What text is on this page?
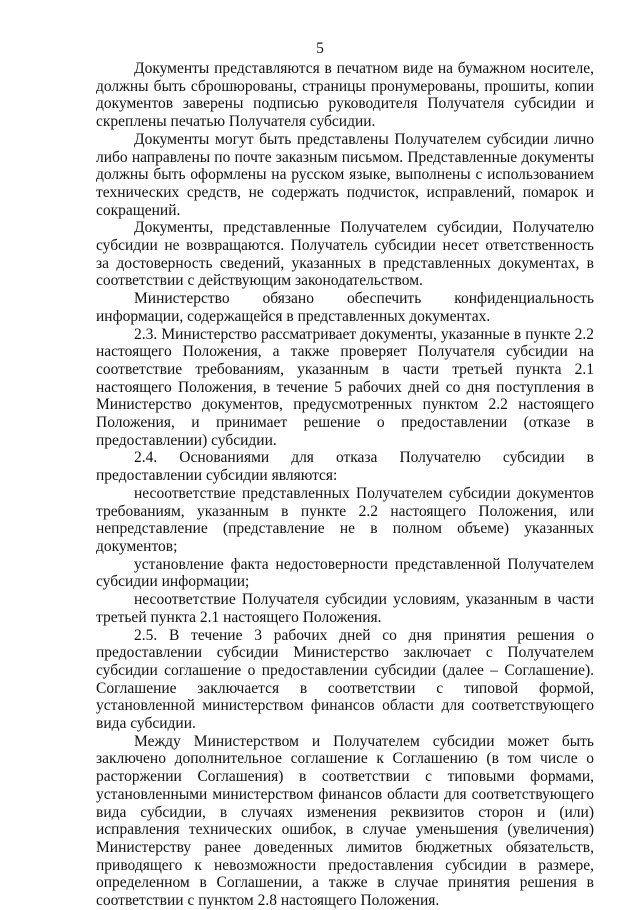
5

Документы представляются в печатном виде на бумажном носителе, должны быть сброшюрованы, страницы пронумерованы, прошиты, копии документов заверены подписью руководителя Получателя субсидии и скреплены печатью Получателя субсидии.

Документы могут быть представлены Получателем субсидии лично либо направлены по почте заказным письмом. Представленные документы должны быть оформлены на русском языке, выполнены с использованием технических средств, не содержать подчисток, исправлений, помарок и сокращений.

Документы, представленные Получателем субсидии, Получателю субсидии не возвращаются. Получатель субсидии несет ответственность за достоверность сведений, указанных в представленных документах, в соответствии с действующим законодательством.

Министерство обязано обеспечить конфиденциальность информации, содержащейся в представленных документах.

2.3. Министерство рассматривает документы, указанные в пункте 2.2 настоящего Положения, а также проверяет Получателя субсидии на соответствие требованиям, указанным в части третьей пункта 2.1 настоящего Положения, в течение 5 рабочих дней со дня поступления в Министерство документов, предусмотренных пунктом 2.2 настоящего Положения, и принимает решение о предоставлении (отказе в предоставлении) субсидии.

2.4. Основаниями для отказа Получателю субсидии в предоставлении субсидии являются:

несоответствие представленных Получателем субсидии документов требованиям, указанным в пункте 2.2 настоящего Положения, или непредставление (представление не в полном объеме) указанных документов;

установление факта недостоверности представленной Получателем субсидии информации;

несоответствие Получателя субсидии условиям, указанным в части третьей пункта 2.1 настоящего Положения.

2.5. В течение 3 рабочих дней со дня принятия решения о предоставлении субсидии Министерство заключает с Получателем субсидии соглашение о предоставлении субсидии (далее – Соглашение). Соглашение заключается в соответствии с типовой формой, установленной министерством финансов области для соответствующего вида субсидии.

Между Министерством и Получателем субсидии может быть заключено дополнительное соглашение к Соглашению (в том числе о расторжении Соглашения) в соответствии с типовыми формами, установленными министерством финансов области для соответствующего вида субсидии, в случаях изменения реквизитов сторон и (или) исправления технических ошибок, в случае уменьшения (увеличения) Министерству ранее доведенных лимитов бюджетных обязательств, приводящего к невозможности предоставления субсидии в размере, определенном в Соглашении, а также в случае принятия решения в соответствии с пунктом 2.8 настоящего Положения.
